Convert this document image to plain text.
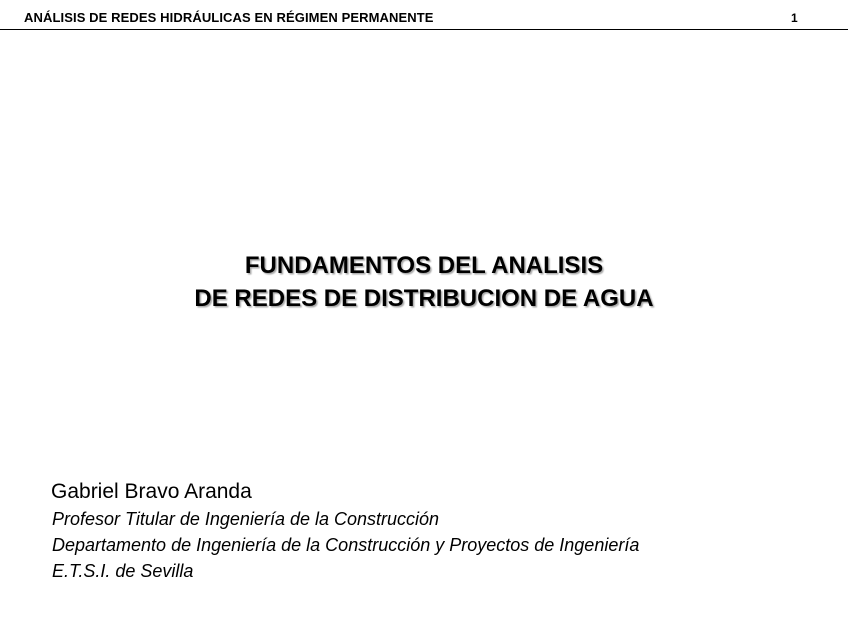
ANÁLISIS DE REDES HIDRÁULICAS EN RÉGIMEN PERMANENTE	1
FUNDAMENTOS DEL ANALISIS
DE REDES DE DISTRIBUCION DE AGUA
Gabriel Bravo Aranda
Profesor Titular de Ingeniería de la Construcción
Departamento de Ingeniería de la Construcción y Proyectos de Ingeniería
E.T.S.I. de Sevilla
